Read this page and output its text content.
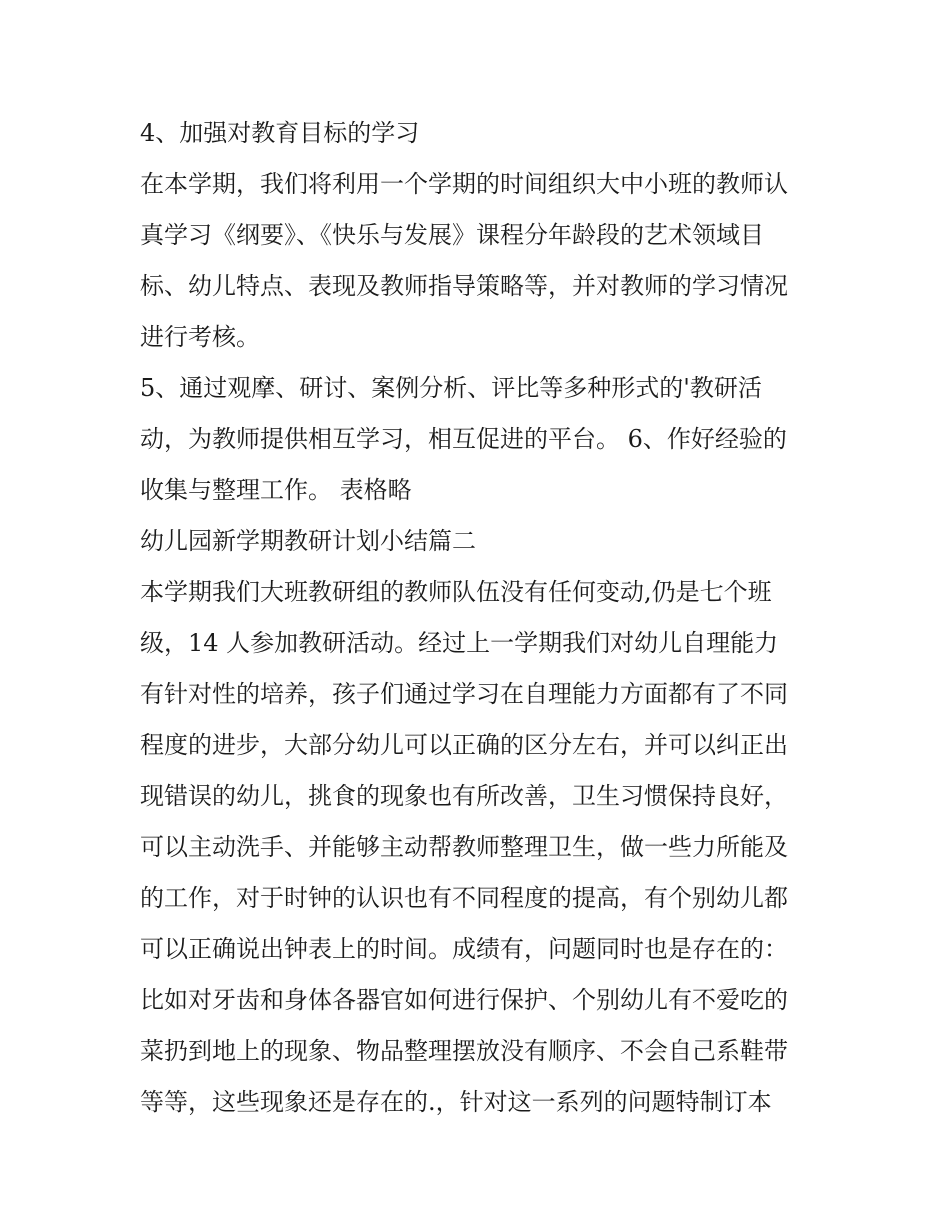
4、加强对教育目标的学习
在本学期，我们将利用一个学期的时间组织大中小班的教师认
真学习《纲要》、《快乐与发展》课程分年龄段的艺术领域目
标、幼儿特点、表现及教师指导策略等，并对教师的学习情况
进行考核。
5、通过观摩、研讨、案例分析、评比等多种形式的'教研活
动，为教师提供相互学习，相互促进的平台。 6、作好经验的
收集与整理工作。 表格略
幼儿园新学期教研计划小结篇二
本学期我们大班教研组的教师队伍没有任何变动,仍是七个班
级，14 人参加教研活动。经过上一学期我们对幼儿自理能力
有针对性的培养，孩子们通过学习在自理能力方面都有了不同
程度的进步，大部分幼儿可以正确的区分左右，并可以纠正出
现错误的幼儿，挑食的现象也有所改善，卫生习惯保持良好，
可以主动洗手、并能够主动帮教师整理卫生，做一些力所能及
的工作，对于时钟的认识也有不同程度的提高，有个别幼儿都
可以正确说出钟表上的时间。成绩有，问题同时也是存在的：
比如对牙齿和身体各器官如何进行保护、个别幼儿有不爱吃的
菜扔到地上的现象、物品整理摆放没有顺序、不会自己系鞋带
等等，这些现象还是存在的.，针对这一系列的问题特制订本
